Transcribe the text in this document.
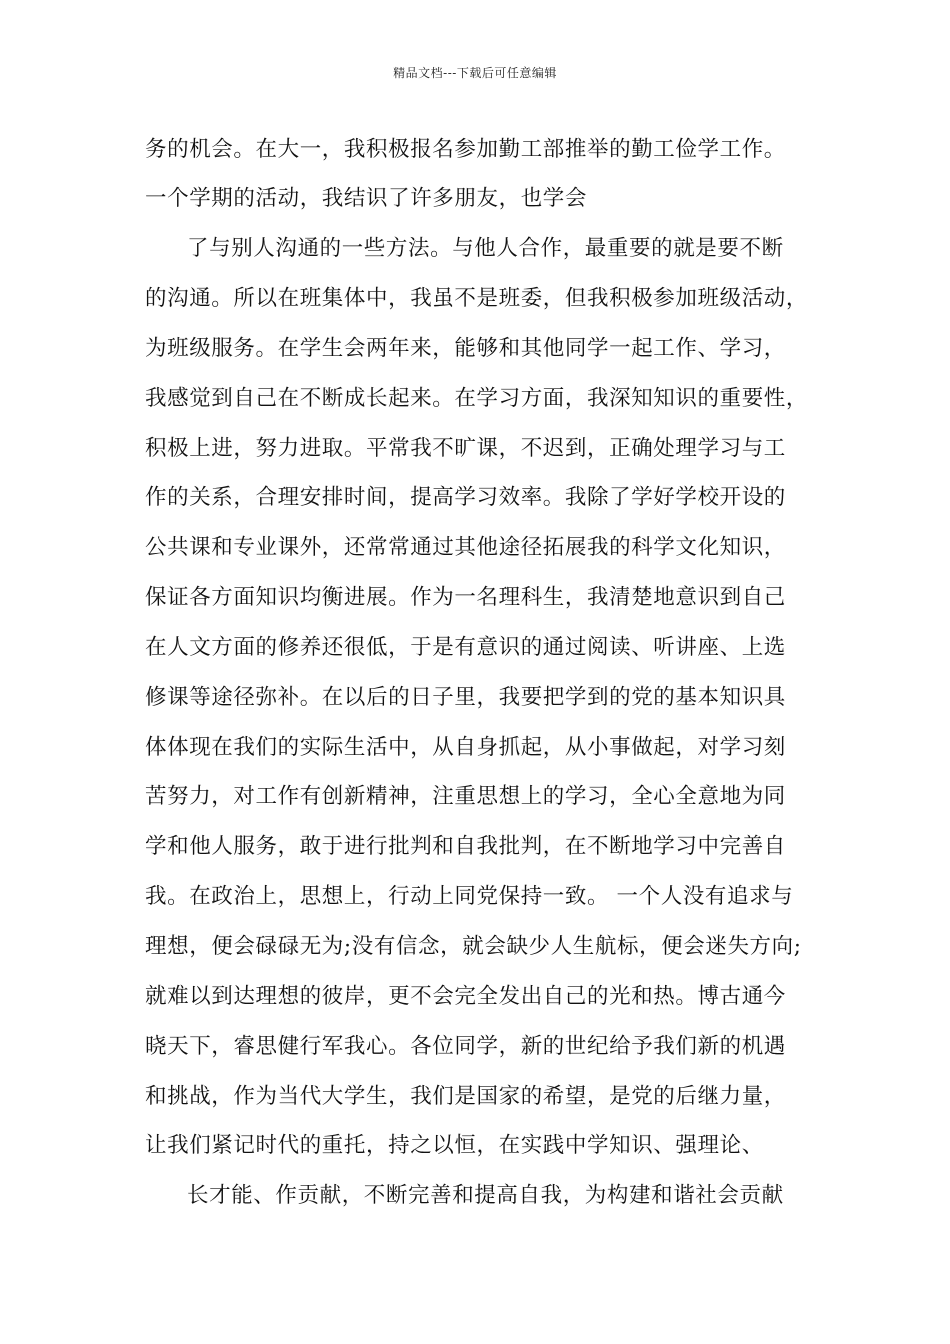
精品文档---下载后可任意编辑
务的机会。在大一，我积极报名参加勤工部推举的勤工俭学工作。
一个学期的活动，我结识了许多朋友，也学会
了与别人沟通的一些方法。与他人合作，最重要的就是要不断
的沟通。所以在班集体中，我虽不是班委，但我积极参加班级活动，
为班级服务。在学生会两年来，能够和其他同学一起工作、学习，
我感觉到自己在不断成长起来。在学习方面，我深知知识的重要性，
积极上进，努力进取。平常我不旷课，不迟到，正确处理学习与工
作的关系，合理安排时间，提高学习效率。我除了学好学校开设的
公共课和专业课外，还常常通过其他途径拓展我的科学文化知识，
保证各方面知识均衡进展。作为一名理科生，我清楚地意识到自己
在人文方面的修养还很低，于是有意识的通过阅读、听讲座、上选
修课等途径弥补。在以后的日子里，我要把学到的党的基本知识具
体体现在我们的实际生活中，从自身抓起，从小事做起，对学习刻
苦努力，对工作有创新精神，注重思想上的学习，全心全意地为同
学和他人服务，敢于进行批判和自我批判，在不断地学习中完善自
我。在政治上，思想上，行动上同党保持一致。 一个人没有追求与
理想，便会碌碌无为;没有信念，就会缺少人生航标，便会迷失方向;
就难以到达理想的彼岸，更不会完全发出自己的光和热。博古通今
晓天下，睿思健行军我心。各位同学，新的世纪给予我们新的机遇
和挑战，作为当代大学生，我们是国家的希望，是党的后继力量，
让我们紧记时代的重托，持之以恒，在实践中学知识、强理论、
长才能、作贡献，不断完善和提高自我，为构建和谐社会贡献
